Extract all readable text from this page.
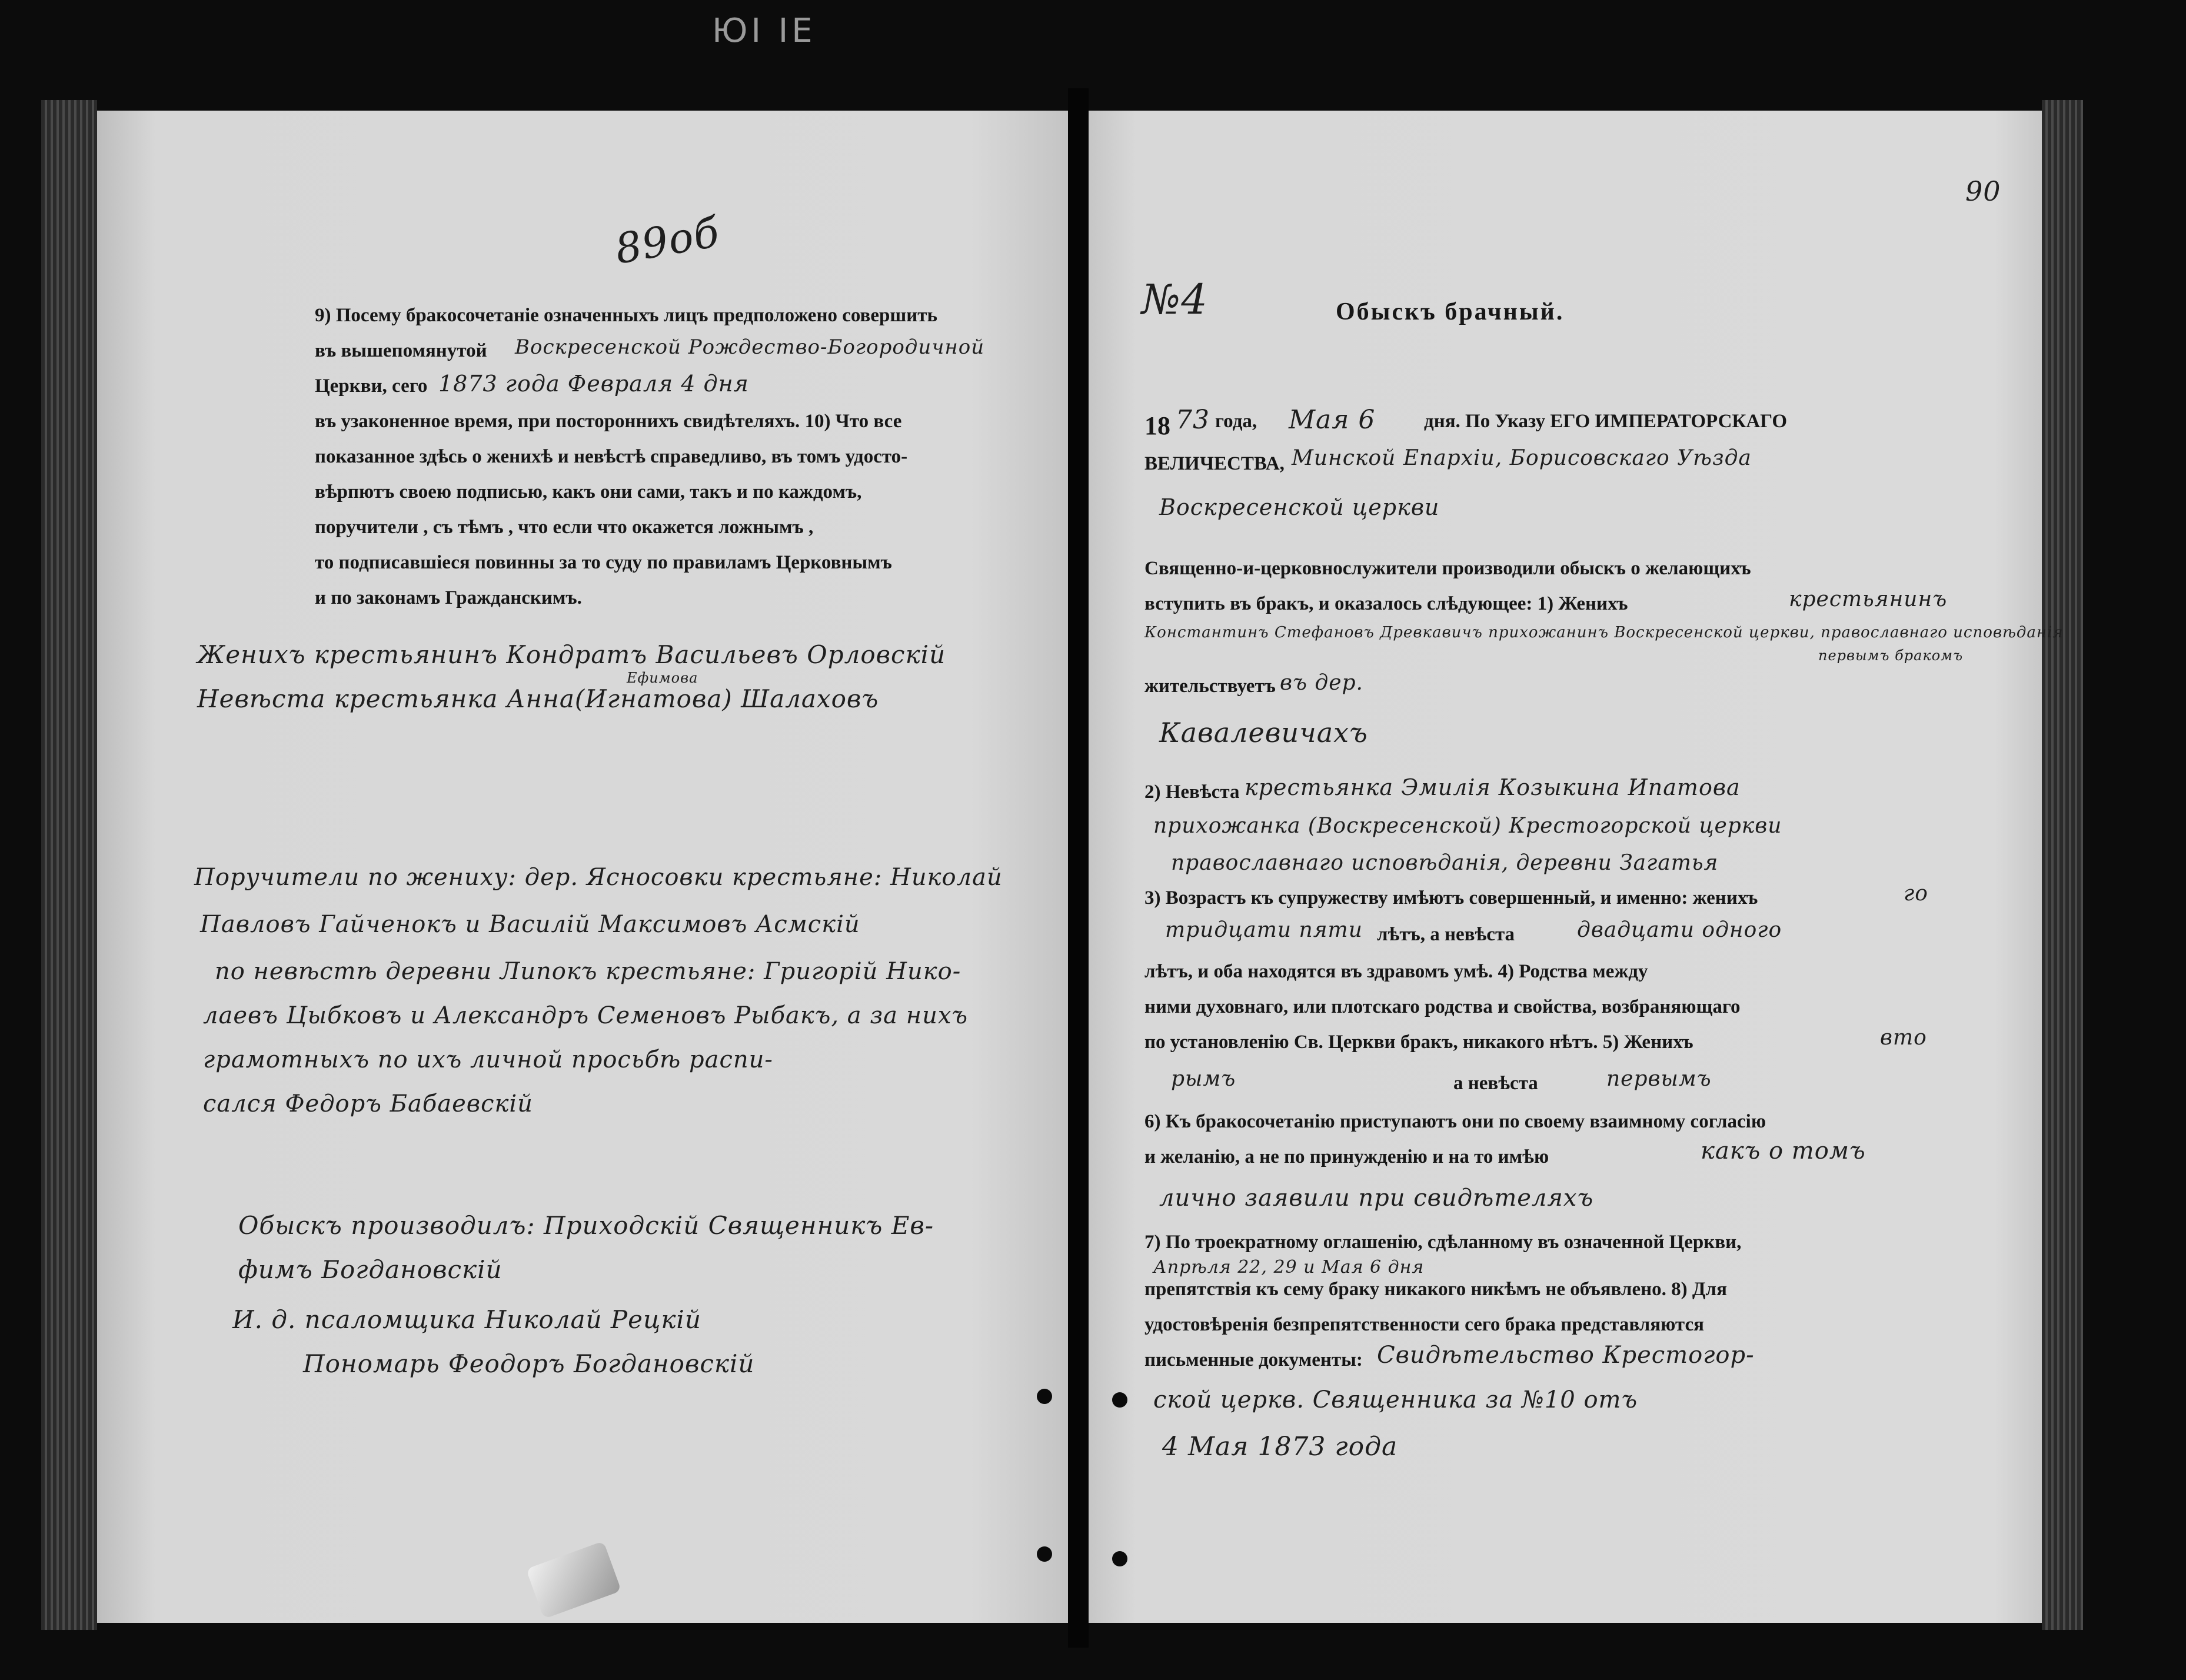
ЮІ ІЕ
89об
9) Посему бракосочетаніе означенныхъ лицъ предположено совершить
въ вышепомянутой Воскресенской Рождество-Богородичной
Церкви, сего 1873 года Февраля 4 дня
въ узаконенное время, при постороннихъ свидѣтеляхъ. 10) Что все
показанное здѣсь о женихѣ и невѣстѣ справедливо, въ томъ удосто-
вѣрпютъ своею подписью, какъ они сами, такъ и по каждомъ,
поручители , съ тѣмъ , что если что окажется ложнымъ ,
то подписавшіеся повинны за то суду по правиламъ Церковнымъ
и по законамъ Гражданскимъ.
Женихъ крестьянинъ Кондратъ Васильевъ Орловскій
Ефимова
Невѣста крестьянка Анна(Игнатова) Шалаховъ
Поручители по жениху: дер. Ясносовки крестьяне: Николай
Павловъ Гайченокъ и Василій Максимовъ Асмскій
по невѣстѣ деревни Липокъ крестьяне: Григорій Нико-
лаевъ Цыбковъ и Александръ Семеновъ Рыбакъ, а за нихъ
грамотныхъ по ихъ личной просьбѣ распи-
сался Федоръ Бабаевскій
Обыскъ производилъ: Приходскій Священникъ Ев-
фимъ Богдановскій
И. д. псаломщика Николай Рецкій
Пономарь Феодоръ Богдановскій
90
№4	Обыскъ брачный.
18 73 года, Мая 6	дня. По Указу ЕГО ИМПЕРАТОРСКАГО
ВЕЛИЧЕСТВА, Минской Епархіи, Борисовскаго Уѣзда
Воскресенской церкви
Священно-и-церковнослужители производили обыскъ о желающихъ
вступить въ бракъ, и оказалось слѣдующее: 1) Женихъ	крестьянинъ
Константинъ Стефановъ Древкавичъ прихожанинъ Воскресенской церкви, православнаго исповѣданія
первымъ бракомъ
жительствуетъ въ дер.
Кавалевичахъ
2) Невѣста крестьянка Эмилія Козыкина Ипатова
прихожанка (Воскресенской) Крестогорской церкви
православнаго исповѣданія, деревни Загатья
3) Возрастъ къ супружеству имѣютъ совершенный, и именно: женихъ	го
тридцати пяти лѣтъ, а невѣста	двадцати одного
лѣтъ, и оба находятся въ здравомъ умѣ. 4) Родства между
ними духовнаго, или плотскаго родства и свойства, возбраняющаго
по установленію Св. Церкви бракъ, никакого нѣтъ. 5) Женихъ	вто
рымъ	а невѣста	первымъ
6) Къ бракосочетанію приступаютъ они по своему взаимному согласію
и желанію, а не по принужденію и на то имѣю	какъ о томъ
лично заявили при свидѣтеляхъ
7) По троекратному оглашенію, сдѣланному въ означенной Церкви,
Апрѣля 22, 29 и Мая 6 дня
препятствія къ сему браку никакого никѣмъ не объявлено. 8) Для
удостовѣренія безпрепятственности сего брака представляются
письменные документы: Свидѣтельство Крестогор-
ской церкв. Священника за №10 отъ
4 Мая 1873 года
